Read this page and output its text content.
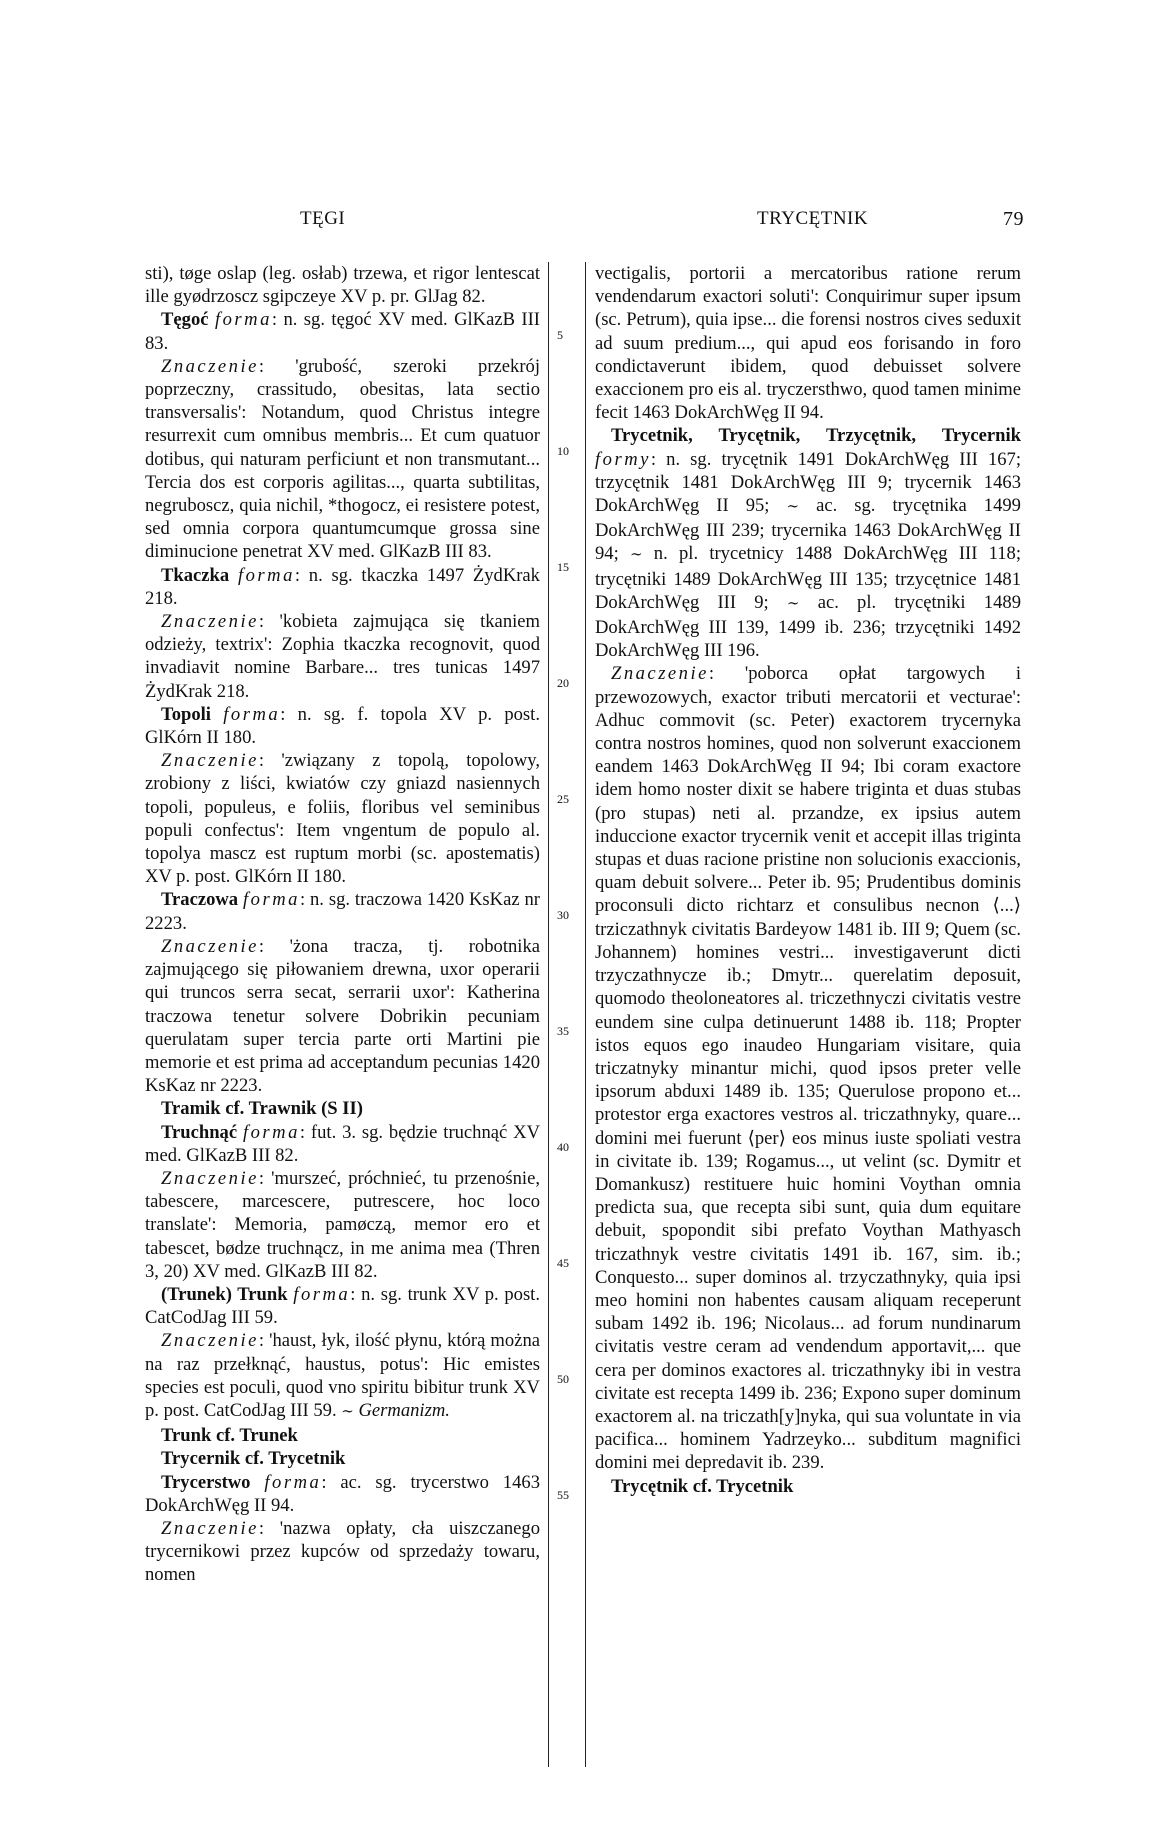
TĘGI	TRYCĘTNIK	79
5
10
15
20
25
30
35
40
45
50
55

sti), tøge oslap (leg. osłab) trzewa, et rigor lentescat ille gyødrzoscz sgipczeye XV p. pr. GlJag 82.

Tęgoć forma: n. sg. tęgoć XV med. GlKazB III 83.

Znaczenie: 'grubość, szeroki przekrój poprzeczny, crassitudo, obesitas, lata sectio transversalis': Notandum, quod Christus integre resurrexit cum omnibus membris... Et cum quatuor dotibus, qui naturam perficiunt et non transmutant... Tercia dos est corporis agilitas..., quarta subtilitas, negruboscz, quia nichil, *thogocz, ei resistere potest, sed omnia corpora quantumcumque grossa sine diminucione penetrat XV med. GlKazB III 83.

Tkaczka forma: n. sg. tkaczka 1497 ŻydKrak 218.

Znaczenie: 'kobieta zajmująca się tkaniem odzieży, textrix': Zophia tkaczka recognovit, quod invadiavit nomine Barbare... tres tunicas 1497 ŻydKrak 218.

Topoli forma: n. sg. f. topola XV p. post. GlKórn II 180.

Znaczenie: 'związany z topolą, topolowy, zrobiony z liści, kwiatów czy gniazd nasiennych topoli, populeus, e foliis, floribus vel seminibus populi confectus': Item vngentum de populo al. topolya mascz est ruptum morbi (sc. apostematis) XV p. post. GlKórn II 180.

Traczowa forma: n. sg. traczowa 1420 KsKaz nr 2223.

Znaczenie: 'żona tracza, tj. robotnika zajmującego się piłowaniem drewna, uxor operarii qui truncos serra secat, serrarii uxor': Katherina traczowa tenetur solvere Dobrikin pecuniam querulatam super tercia parte orti Martini pie memorie et est prima ad acceptandum pecunias 1420 KsKaz nr 2223.

Tramik cf. Trawnik (S II)

Truchnąć forma: fut. 3. sg. będzie truchnąć XV med. GlKazB III 82.

Znaczenie: 'murszeć, próchnieć, tu przenośnie, tabescere, marcescere, putrescere, hoc loco translate': Memoria, pamøczą, memor ero et tabescet, bødze truchnącz, in me anima mea (Thren 3, 20) XV med. GlKazB III 82.

(Trunek) Trunk forma: n. sg. trunk XV p. post. CatCodJag III 59.

Znaczenie: 'haust, łyk, ilość płynu, którą można na raz przełknąć, haustus, potus': Hic emistes species est poculi, quod vno spiritu bibitur trunk XV p. post. CatCodJag III 59. ∼ Germanizm.

Trunk cf. Trunek

Trycernik cf. Trycetnik

Trycerstwo forma: ac. sg. trycerstwo 1463 DokArchWęg II 94.

Znaczenie: 'nazwa opłaty, cła uiszczanego trycernikowi przez kupców od sprzedaży towaru, nomen

vectigalis, portorii a mercatoribus ratione rerum vendendarum exactori soluti': Conquirimur super ipsum (sc. Petrum), quia ipse... die forensi nostros cives seduxit ad suum predium..., qui apud eos forisando in foro condictaverunt ibidem, quod debuisset solvere exaccionem pro eis al. tryczersthwo, quod tamen minime fecit 1463 DokArchWęg II 94.

Trycetnik, Trycętnik, Trzycętnik, Trycernik formy: n. sg. trycętnik 1491 DokArchWęg III 167; trzycętnik 1481 DokArchWęg III 9; trycernik 1463 DokArchWęg II 95; ∼ ac. sg. trycętnika 1499 DokArchWęg III 239; trycernika 1463 DokArchWęg II 94; ∼ n. pl. trycetnicy 1488 DokArchWęg III 118; trycętniki 1489 DokArchWęg III 135; trzycętnice 1481 DokArchWęg III 9; ∼ ac. pl. trycętniki 1489 DokArchWęg III 139, 1499 ib. 236; trzycętniki 1492 DokArchWęg III 196.

Znaczenie: 'poborca opłat targowych i przewozowych, exactor tributi mercatorii et vecturae': Adhuc commovit (sc. Peter) exactorem trycernyka contra nostros homines, quod non solverunt exaccionem eandem 1463 DokArchWęg II 94; Ibi coram exactore idem homo noster dixit se habere triginta et duas stubas (pro stupas) neti al. przandze, ex ipsius autem induccione exactor trycernik venit et accepit illas triginta stupas et duas racione pristine non solucionis exaccionis, quam debuit solvere... Peter ib. 95; Prudentibus dominis proconsuli dicto richtarz et consulibus necnon ⟨...⟩ trziczathnyk civitatis Bardeyow 1481 ib. III 9; Quem (sc. Johannem) homines vestri... investigaverunt dicti trzyczathnycze ib.; Dmytr... querelatim deposuit, quomodo theoloneatores al. triczethnyczi civitatis vestre eundem sine culpa detinuerunt 1488 ib. 118; Propter istos equos ego inaudeo Hungariam visitare, quia triczatnyky minantur michi, quod ipsos preter velle ipsorum abduxi 1489 ib. 135; Querulose propono et... protestor erga exactores vestros al. triczathnyky, quare... domini mei fuerunt ⟨per⟩ eos minus iuste spoliati vestra in civitate ib. 139; Rogamus..., ut velint (sc. Dymitr et Domankusz) restituere huic homini Voythan omnia predicta sua, que recepta sibi sunt, quia dum equitare debuit, spopondit sibi prefato Voythan Mathyasch triczathnyk vestre civitatis 1491 ib. 167, sim. ib.; Conquesto... super dominos al. trzyczathnyky, quia ipsi meo homini non habentes causam aliquam receperunt subam 1492 ib. 196; Nicolaus... ad forum nundinarum civitatis vestre ceram ad vendendum apportavit,... que cera per dominos exactores al. triczathnyky ibi in vestra civitate est recepta 1499 ib. 236; Expono super dominum exactorem al. na triczath[y]nyka, qui sua voluntate in via pacifica... hominem Yadrzeyko... subditum magnifici domini mei depredavit ib. 239.

Trycętnik cf. Trycetnik
